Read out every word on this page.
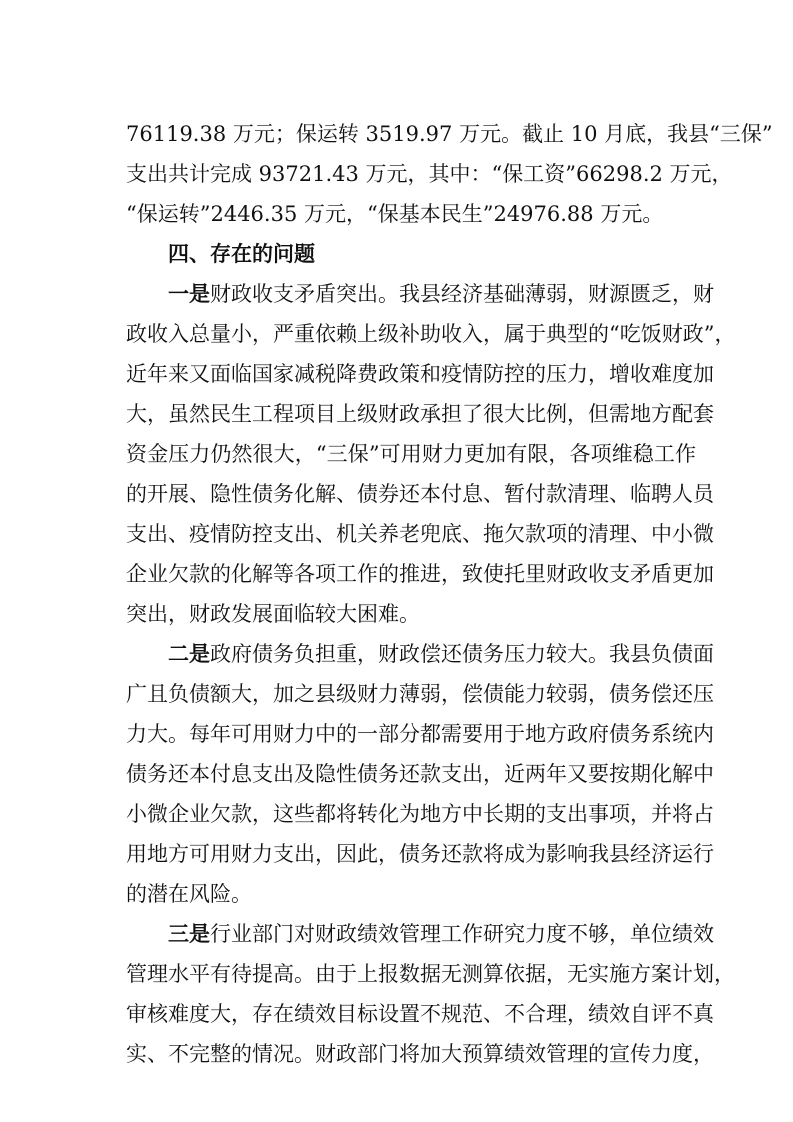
76119.38 万元；保运转 3519.97 万元。截止 10 月底，我县“三保”

支出共计完成 93721.43 万元，其中：“保工资”66298.2 万元，

“保运转”2446.35 万元，“保基本民生”24976.88 万元。

四、存在的问题

一是财政收支矛盾突出。我县经济基础薄弱，财源匮乏，财

政收入总量小，严重依赖上级补助收入，属于典型的“吃饭财政”，

近年来又面临国家减税降费政策和疫情防控的压力，增收难度加

大，虽然民生工程项目上级财政承担了很大比例，但需地方配套

资金压力仍然很大，“三保”可用财力更加有限，各项维稳工作

的开展、隐性债务化解、债券还本付息、暂付款清理、临聘人员

支出、疫情防控支出、机关养老兜底、拖欠款项的清理、中小微

企业欠款的化解等各项工作的推进，致使托里财政收支矛盾更加

突出，财政发展面临较大困难。

二是政府债务负担重，财政偿还债务压力较大。我县负债面

广且负债额大，加之县级财力薄弱，偿债能力较弱，债务偿还压

力大。每年可用财力中的一部分都需要用于地方政府债务系统内

债务还本付息支出及隐性债务还款支出，近两年又要按期化解中

小微企业欠款，这些都将转化为地方中长期的支出事项，并将占

用地方可用财力支出，因此，债务还款将成为影响我县经济运行

的潜在风险。

三是行业部门对财政绩效管理工作研究力度不够，单位绩效

管理水平有待提高。由于上报数据无测算依据，无实施方案计划，

审核难度大，存在绩效目标设置不规范、不合理，绩效自评不真

实、不完整的情况。财政部门将加大预算绩效管理的宣传力度，
